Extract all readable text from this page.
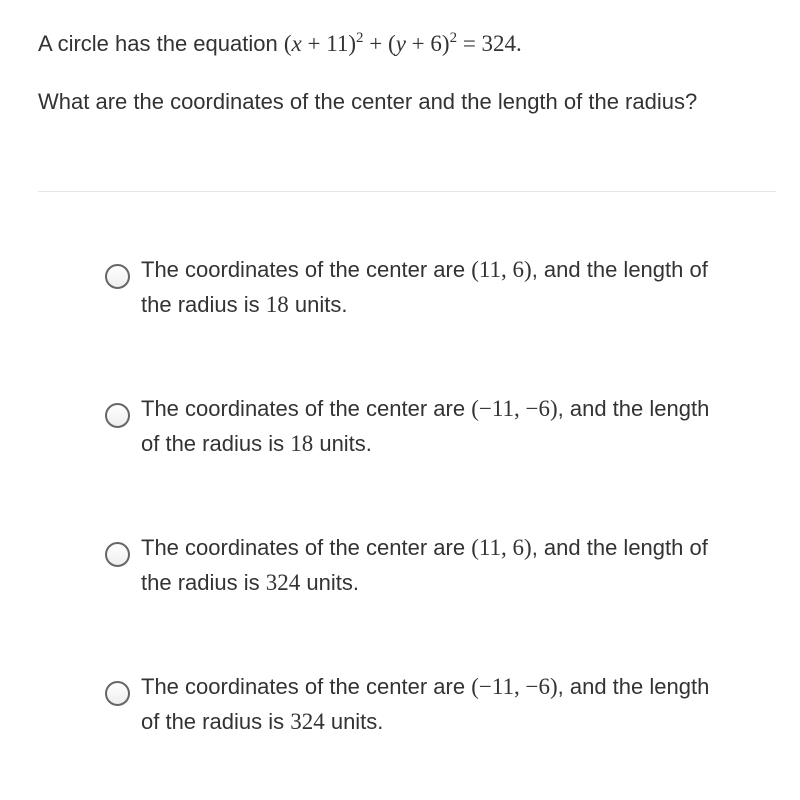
A circle has the equation $(x + 11)^2 + (y + 6)^2 = 324$.

What are the coordinates of the center and the length of the radius?

The coordinates of the center are (11, 6), and the length of the radius is 18 units.
The coordinates of the center are (−11, −6), and the length of the radius is 18 units.
The coordinates of the center are (11, 6), and the length of the radius is 324 units.
The coordinates of the center are (−11, −6), and the length of the radius is 324 units.
